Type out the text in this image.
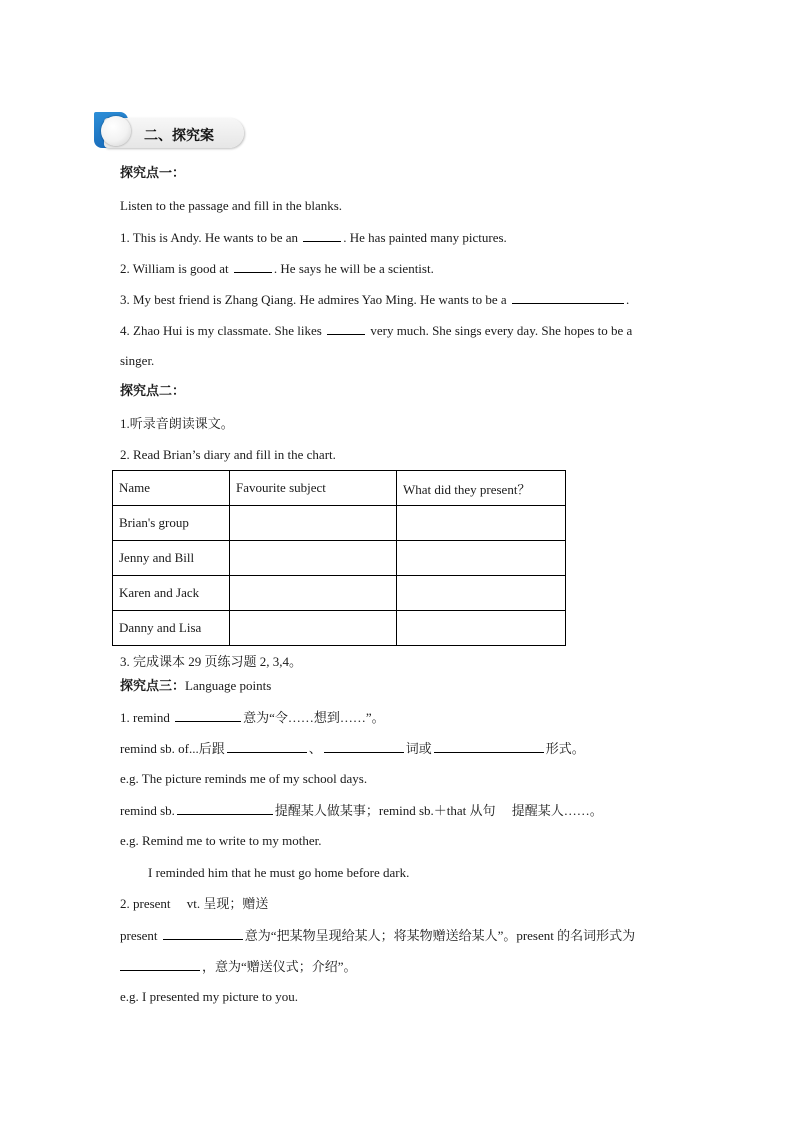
二、探究案
探究点一：
Listen to the passage and fill in the blanks.
1. This is Andy. He wants to be an	. He has painted many pictures.
2. William is good at	. He says he will be a scientist.
3. My best friend is Zhang Qiang. He admires Yao Ming. He wants to be a	.
4. Zhao Hui is my classmate. She likes	very much. She sings every day. She hopes to be a
singer.
探究点二：
1.听录音朗读课文。
2. Read Brian’s diary and fill in the chart.
Name	Favourite subject	What did they present？
Brian's group		
Jenny and Bill		
Karen and Jack		
Danny and Lisa		
3. 完成课本 29 页练习题 2, 3,4。
探究点三：Language points
1. remind	意为“令……想到……”。
remind sb. of...后跟	、	词或	形式。
e.g. The picture reminds me of my school days.
remind sb.	提醒某人做某事；remind sb.＋that 从句　 提醒某人……。
e.g. Remind me to write to my mother.
I reminded him that he must go home before dark.
2. present　 vt. 呈现；赠送
present	意为“把某物呈现给某人；将某物赠送给某人”。present 的名词形式为
，意为“赠送仪式；介绍”。
e.g. I presented my picture to you.
